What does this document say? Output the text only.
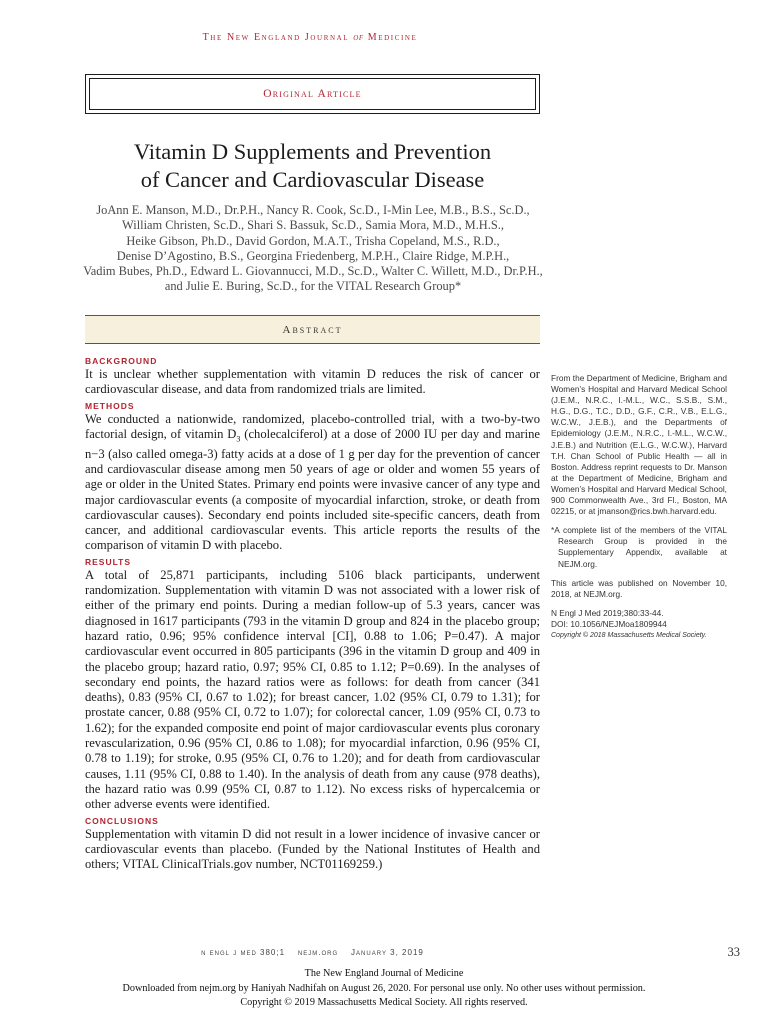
The New England Journal of Medicine
Original Article
Vitamin D Supplements and Prevention
of Cancer and Cardiovascular Disease
JoAnn E. Manson, M.D., Dr.P.H., Nancy R. Cook, Sc.D., I-Min Lee, M.B., B.S., Sc.D.,
William Christen, Sc.D., Shari S. Bassuk, Sc.D., Samia Mora, M.D., M.H.S.,
Heike Gibson, Ph.D., David Gordon, M.A.T., Trisha Copeland, M.S., R.D.,
Denise D’Agostino, B.S., Georgina Friedenberg, M.P.H., Claire Ridge, M.P.H.,
Vadim Bubes, Ph.D., Edward L. Giovannucci, M.D., Sc.D., Walter C. Willett, M.D., Dr.P.H.,
and Julie E. Buring, Sc.D., for the VITAL Research Group*
Abstract
BACKGROUND

It is unclear whether supplementation with vitamin D reduces the risk of cancer or cardiovascular disease, and data from randomized trials are limited.

METHODS

We conducted a nationwide, randomized, placebo-controlled trial, with a two-by-two factorial design, of vitamin $D_3$ (cholecalciferol) at a dose of 2000 IU per day and marine n−3 (also called omega-3) fatty acids at a dose of 1 g per day for the prevention of cancer and cardiovascular disease among men 50 years of age or older and women 55 years of age or older in the United States. Primary end points were invasive cancer of any type and major cardiovascular events (a composite of myocardial infarction, stroke, or death from cardiovascular causes). Secondary end points included site-specific cancers, death from cancer, and additional cardiovascular events. This article reports the results of the comparison of vitamin D with placebo.

RESULTS

A total of 25,871 participants, including 5106 black participants, underwent randomization. Supplementation with vitamin D was not associated with a lower risk of either of the primary end points. During a median follow-up of 5.3 years, cancer was diagnosed in 1617 participants (793 in the vitamin D group and 824 in the placebo group; hazard ratio, 0.96; 95% confidence interval [CI], 0.88 to 1.06; P=0.47). A major cardiovascular event occurred in 805 participants (396 in the vitamin D group and 409 in the placebo group; hazard ratio, 0.97; 95% CI, 0.85 to 1.12; P=0.69). In the analyses of secondary end points, the hazard ratios were as follows: for death from cancer (341 deaths), 0.83 (95% CI, 0.67 to 1.02); for breast cancer, 1.02 (95% CI, 0.79 to 1.31); for prostate cancer, 0.88 (95% CI, 0.72 to 1.07); for colorectal cancer, 1.09 (95% CI, 0.73 to 1.62); for the expanded composite end point of major cardiovascular events plus coronary revascularization, 0.96 (95% CI, 0.86 to 1.08); for myocardial infarction, 0.96 (95% CI, 0.78 to 1.19); for stroke, 0.95 (95% CI, 0.76 to 1.20); and for death from cardiovascular causes, 1.11 (95% CI, 0.88 to 1.40). In the analysis of death from any cause (978 deaths), the hazard ratio was 0.99 (95% CI, 0.87 to 1.12). No excess risks of hypercalcemia or other adverse events were identified.

CONCLUSIONS

Supplementation with vitamin D did not result in a lower incidence of invasive cancer or cardiovascular events than placebo. (Funded by the National Institutes of Health and others; VITAL ClinicalTrials.gov number, NCT01169259.)

From the Department of Medicine, Brigham and Women’s Hospital and Harvard Medical School (J.E.M., N.R.C., I.-M.L., W.C., S.S.B., S.M., H.G., D.G., T.C., D.D., G.F., C.R., V.B., E.L.G., W.C.W., J.E.B.), and the Departments of Epidemiology (J.E.M., N.R.C., I.-M.L., W.C.W., J.E.B.) and Nutrition (E.L.G., W.C.W.), Harvard T.H. Chan School of Public Health — all in Boston. Address reprint requests to Dr. Manson at the Department of Medicine, Brigham and Women’s Hospital and Harvard Medical School, 900 Commonwealth Ave., 3rd Fl., Boston, MA 02215, or at jmanson@rics.bwh.harvard.edu.

*A complete list of the members of the VITAL Research Group is provided in the Supplementary Appendix, available at NEJM.org.

This article was published on November 10, 2018, at NEJM.org.

N Engl J Med 2019;380:33-44.

DOI: 10.1056/NEJMoa1809944

Copyright © 2018 Massachusetts Medical Society.

n engl j med 380;1    nejm.org    January 3, 2019	33
The New England Journal of Medicine
Downloaded from nejm.org by Haniyah Nadhifah on August 26, 2020. For personal use only. No other uses without permission.
Copyright © 2019 Massachusetts Medical Society. All rights reserved.
